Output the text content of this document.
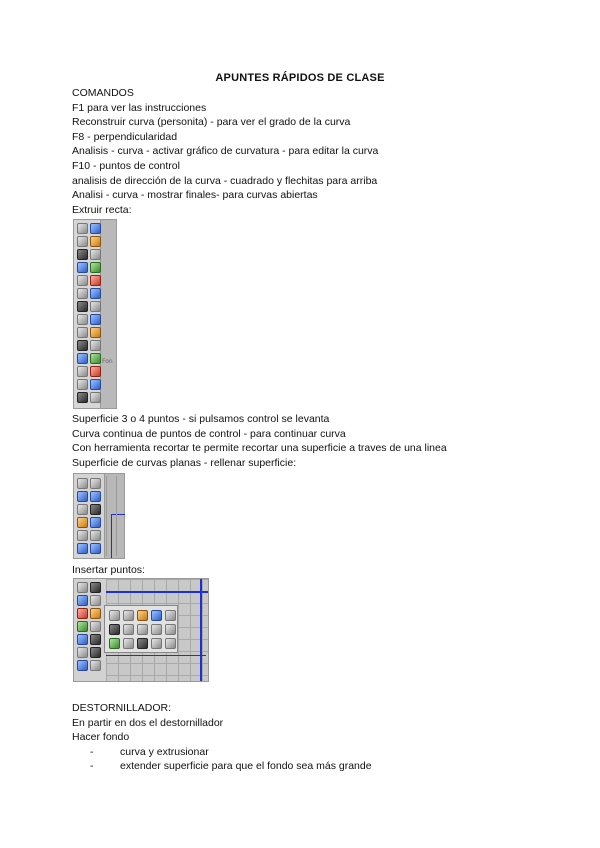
APUNTES RÁPIDOS DE CLASE
COMANDOS
F1 para ver las instrucciones
Reconstruir curva (personita) - para ver el grado de la curva
F8 - perpendicularidad
Analisis - curva - activar gráfico de curvatura - para editar la curva
F10 - puntos de control
analisis de dirección de la curva - cuadrado y flechitas para arriba
Analisi - curva - mostrar finales- para curvas abiertas
Extruir recta:
Fon
Superficie 3 o 4 puntos - si pulsamos control se levanta
Curva continua de puntos de control - para continuar curva
Con herramienta recortar te permite recortar una superficie a traves de una linea
Superficie de curvas planas - rellenar superficie:
Insertar puntos:
DESTORNILLADOR:
En partir en dos el destornillador
Hacer fondo
- curva y extrusionar
- extender superficie para que el fondo sea más grande
